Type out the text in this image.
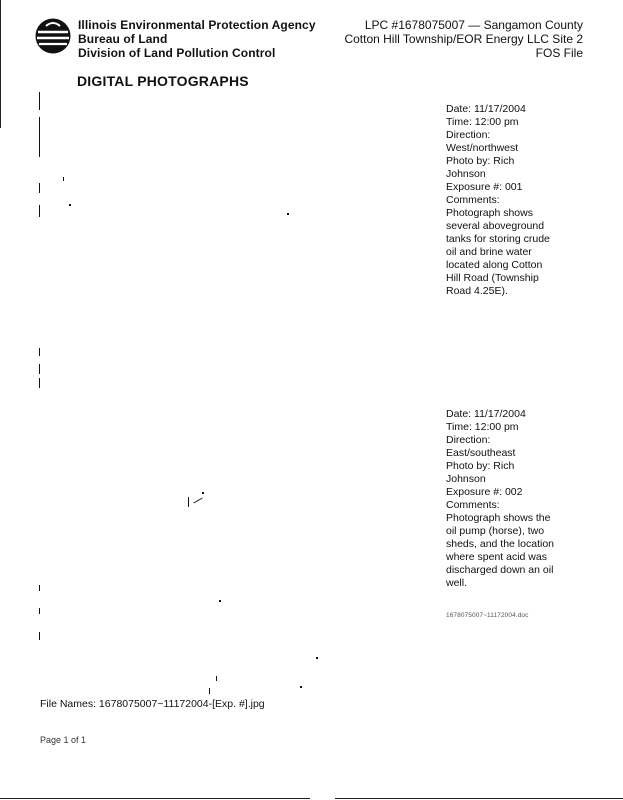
Illinois Environmental Protection Agency
Bureau of Land
Division of Land Pollution Control
LPC #1678075007 — Sangamon County
Cotton Hill Township/EOR Energy LLC Site 2
FOS File
DIGITAL PHOTOGRAPHS
Date: 11/17/2004
Time: 12:00 pm
Direction:
West/northwest
Photo by: Rich
Johnson
Exposure #: 001
Comments:
Photograph shows
several aboveground
tanks for storing crude
oil and brine water
located along Cotton
Hill Road (Township
Road 4.25E).
Date: 11/17/2004
Time: 12:00 pm
Direction:
East/southeast
Photo by: Rich
Johnson
Exposure #: 002
Comments:
Photograph shows the
oil pump (horse), two
sheds, and the location
where spent acid was
discharged down an oil
well.
1678075007~11172004.doc
File Names: 1678075007~11172004-[Exp. #].jpg
Page 1 of 1
